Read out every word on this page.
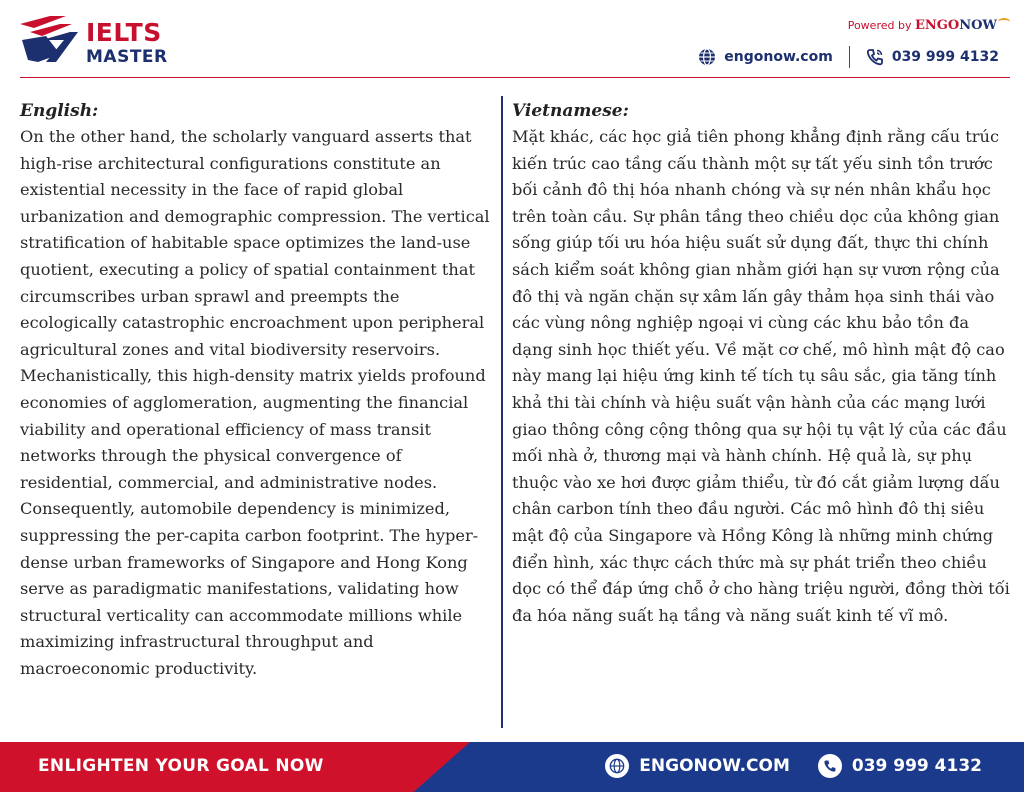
IELTS
MASTER
Powered by ENGONOW
engonow.com	039 999 4132
English:
On the other hand, the scholarly vanguard asserts that high-rise architectural configurations constitute an existential necessity in the face of rapid global urbanization and demographic compression. The vertical stratification of habitable space optimizes the land-use quotient, executing a policy of spatial containment that circumscribes urban sprawl and preempts the ecologically catastrophic encroachment upon peripheral agricultural zones and vital biodiversity reservoirs. Mechanistically, this high-density matrix yields profound economies of agglomeration, augmenting the financial viability and operational efficiency of mass transit networks through the physical convergence of residential, commercial, and administrative nodes. Consequently, automobile dependency is minimized, suppressing the per-capita carbon footprint. The hyper-dense urban frameworks of Singapore and Hong Kong serve as paradigmatic manifestations, validating how structural verticality can accommodate millions while maximizing infrastructural throughput and macroeconomic productivity.
Vietnamese:
Mặt khác, các học giả tiên phong khẳng định rằng cấu trúc kiến trúc cao tầng cấu thành một sự tất yếu sinh tồn trước bối cảnh đô thị hóa nhanh chóng và sự nén nhân khẩu học trên toàn cầu. Sự phân tầng theo chiều dọc của không gian sống giúp tối ưu hóa hiệu suất sử dụng đất, thực thi chính sách kiểm soát không gian nhằm giới hạn sự vươn rộng của đô thị và ngăn chặn sự xâm lấn gây thảm họa sinh thái vào các vùng nông nghiệp ngoại vi cùng các khu bảo tồn đa dạng sinh học thiết yếu. Về mặt cơ chế, mô hình mật độ cao này mang lại hiệu ứng kinh tế tích tụ sâu sắc, gia tăng tính khả thi tài chính và hiệu suất vận hành của các mạng lưới giao thông công cộng thông qua sự hội tụ vật lý của các đầu mối nhà ở, thương mại và hành chính. Hệ quả là, sự phụ thuộc vào xe hơi được giảm thiểu, từ đó cắt giảm lượng dấu chân carbon tính theo đầu người. Các mô hình đô thị siêu mật độ của Singapore và Hồng Kông là những minh chứng điển hình, xác thực cách thức mà sự phát triển theo chiều dọc có thể đáp ứng chỗ ở cho hàng triệu người, đồng thời tối đa hóa năng suất hạ tầng và năng suất kinh tế vĩ mô.
ENLIGHTEN YOUR GOAL NOW	ENGONOW.COM	039 999 4132
